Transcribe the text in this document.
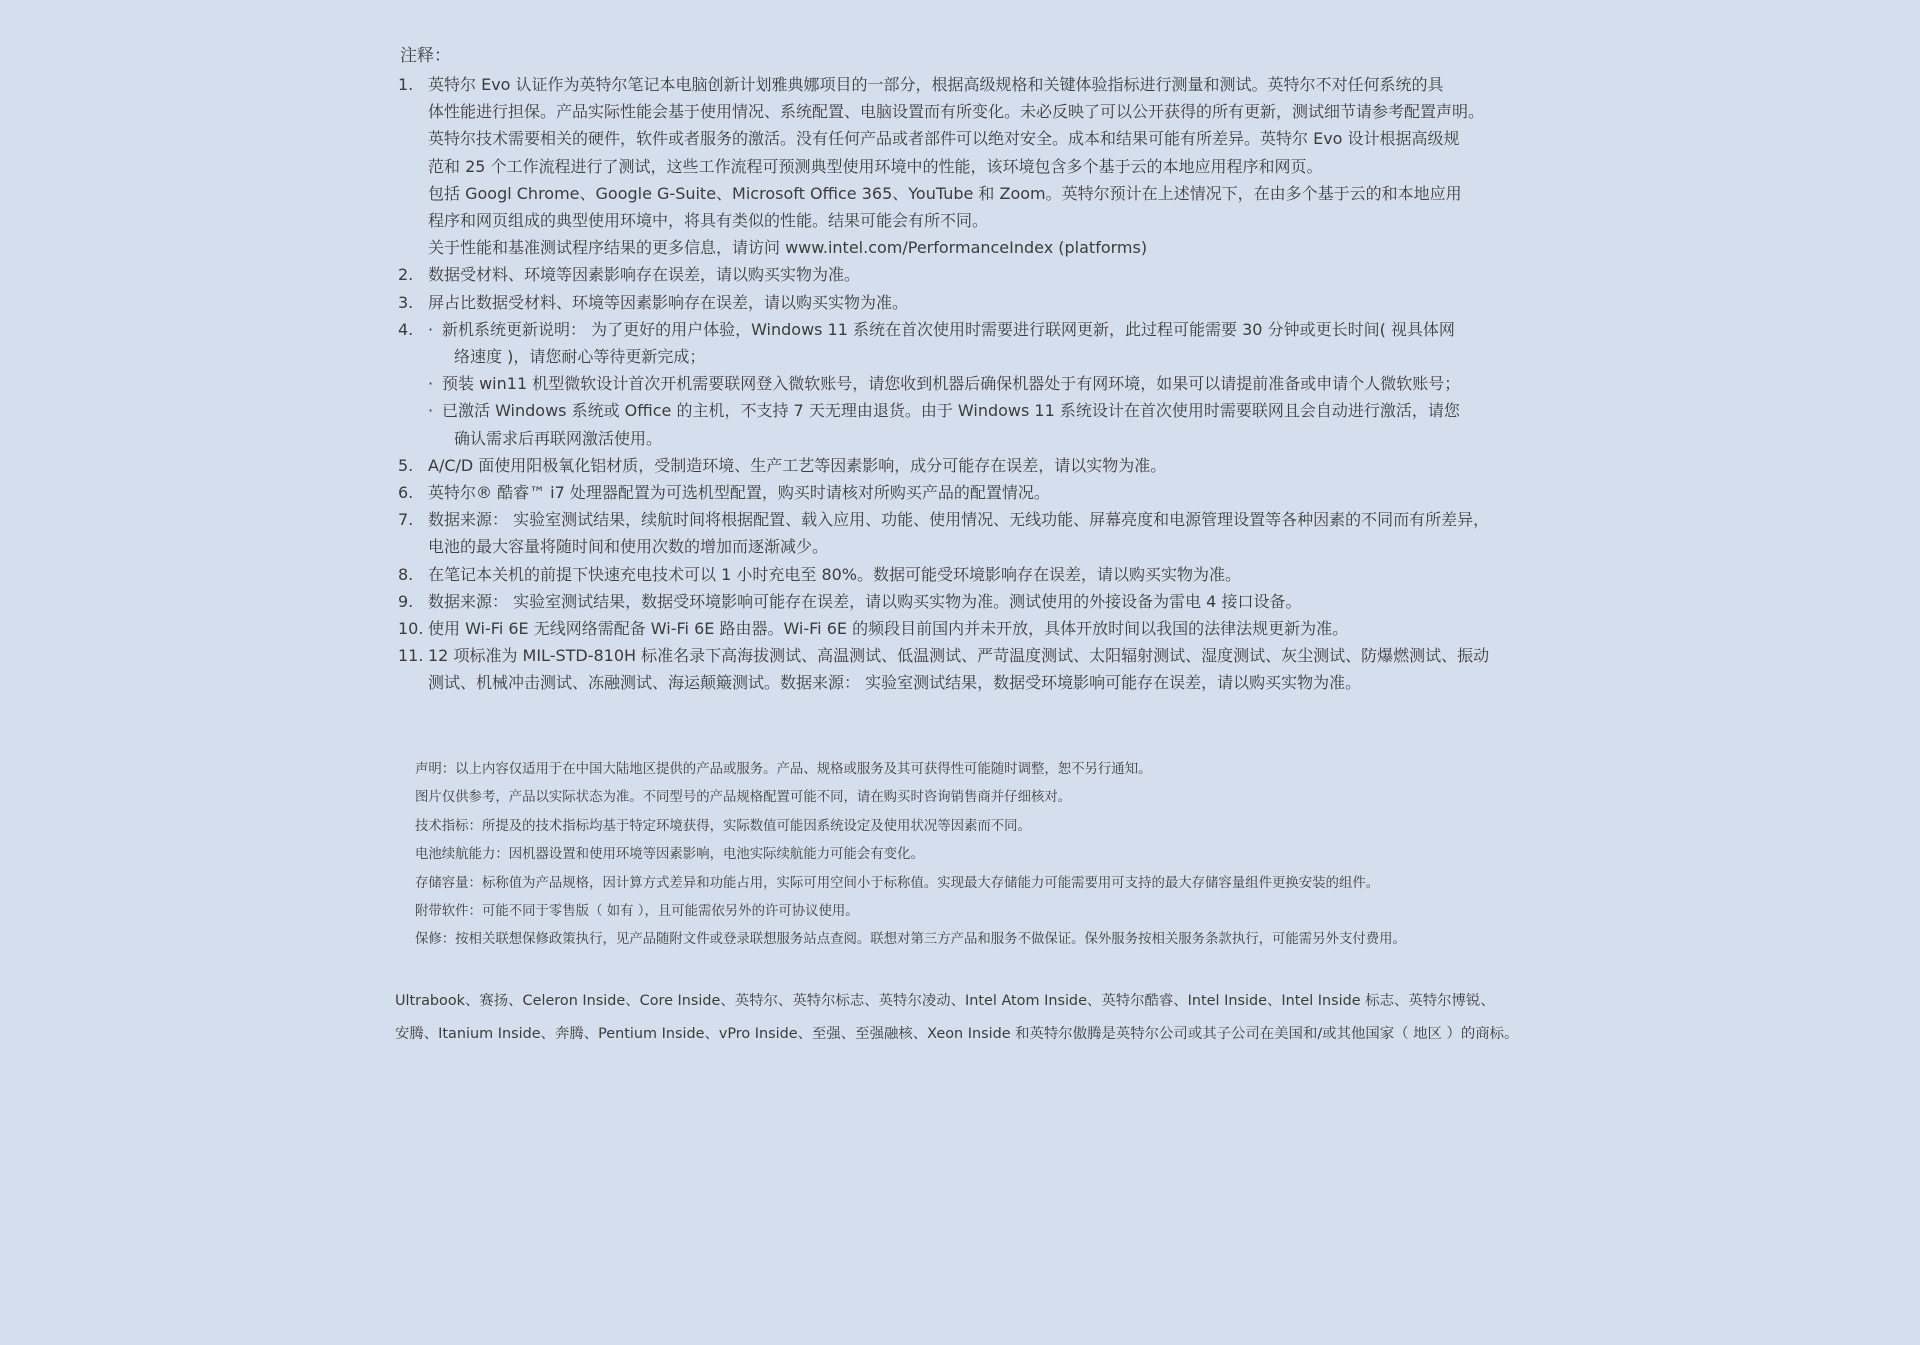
注释：
1. 英特尔 Evo 认证作为英特尔笔记本电脑创新计划雅典娜项目的一部分，根据高级规格和关键体验指标进行测量和测试。英特尔不对任何系统的具

体性能进行担保。产品实际性能会基于使用情况、系统配置、电脑设置而有所变化。未必反映了可以公开获得的所有更新，测试细节请参考配置声明。

英特尔技术需要相关的硬件，软件或者服务的激活。没有任何产品或者部件可以绝对安全。成本和结果可能有所差异。英特尔 Evo 设计根据高级规

范和 25 个工作流程进行了测试，这些工作流程可预测典型使用环境中的性能，该环境包含多个基于云的本地应用程序和网页。

包括 Googl Chrome、Google G-Suite、Microsoft Office 365、YouTube 和 Zoom。英特尔预计在上述情况下，在由多个基于云的和本地应用

程序和网页组成的典型使用环境中，将具有类似的性能。结果可能会有所不同。

关于性能和基准测试程序结果的更多信息，请访问 www.intel.com/PerformanceIndex (platforms)

2. 数据受材料、环境等因素影响存在误差，请以购买实物为准。

3. 屏占比数据受材料、环境等因素影响存在误差，请以购买实物为准。

4. · 新机系统更新说明： 为了更好的用户体验，Windows 11 系统在首次使用时需要进行联网更新，此过程可能需要 30 分钟或更长时间( 视具体网
络速度 )，请您耐心等待更新完成；
· 预装 win11 机型微软设计首次开机需要联网登入微软账号，请您收到机器后确保机器处于有网环境，如果可以请提前准备或申请个人微软账号；
· 已激活 Windows 系统或 Office 的主机，不支持 7 天无理由退货。由于 Windows 11 系统设计在首次使用时需要联网且会自动进行激活，请您
确认需求后再联网激活使用。
5. A/C/D 面使用阳极氧化铝材质，受制造环境、生产工艺等因素影响，成分可能存在误差，请以实物为准。

6. 英特尔® 酷睿™ i7 处理器配置为可选机型配置，购买时请核对所购买产品的配置情况。

7. 数据来源： 实验室测试结果，续航时间将根据配置、载入应用、功能、使用情况、无线功能、屏幕亮度和电源管理设置等各种因素的不同而有所差异，

电池的最大容量将随时间和使用次数的增加而逐渐减少。

8. 在笔记本关机的前提下快速充电技术可以 1 小时充电至 80%。数据可能受环境影响存在误差，请以购买实物为准。

9. 数据来源： 实验室测试结果，数据受环境影响可能存在误差，请以购买实物为准。测试使用的外接设备为雷电 4 接口设备。

10. 使用 Wi-Fi 6E 无线网络需配备 Wi-Fi 6E 路由器。Wi-Fi 6E 的频段目前国内并未开放，具体开放时间以我国的法律法规更新为准。

11. 12 项标准为 MIL-STD-810H 标准名录下高海拔测试、高温测试、低温测试、严苛温度测试、太阳辐射测试、湿度测试、灰尘测试、防爆燃测试、振动

测试、机械冲击测试、冻融测试、海运颠簸测试。数据来源： 实验室测试结果，数据受环境影响可能存在误差，请以购买实物为准。

声明：以上内容仅适用于在中国大陆地区提供的产品或服务。产品、规格或服务及其可获得性可能随时调整，恕不另行通知。

图片仅供参考，产品以实际状态为准。不同型号的产品规格配置可能不同，请在购买时咨询销售商并仔细核对。

技术指标：所提及的技术指标均基于特定环境获得，实际数值可能因系统设定及使用状况等因素而不同。

电池续航能力：因机器设置和使用环境等因素影响，电池实际续航能力可能会有变化。

存储容量：标称值为产品规格，因计算方式差异和功能占用，实际可用空间小于标称值。实现最大存储能力可能需要用可支持的最大存储容量组件更换安装的组件。

附带软件：可能不同于零售版（ 如有 ），且可能需依另外的许可协议使用。

保修：按相关联想保修政策执行，见产品随附文件或登录联想服务站点查阅。联想对第三方产品和服务不做保证。保外服务按相关服务条款执行，可能需另外支付费用。

Ultrabook、赛扬、Celeron Inside、Core Inside、英特尔、英特尔标志、英特尔凌动、Intel Atom Inside、英特尔酷睿、Intel Inside、Intel Inside 标志、英特尔博锐、

安腾、Itanium Inside、奔腾、Pentium Inside、vPro Inside、至强、至强融核、Xeon Inside 和英特尔傲腾是英特尔公司或其子公司在美国和/或其他国家（ 地区 ）的商标。
